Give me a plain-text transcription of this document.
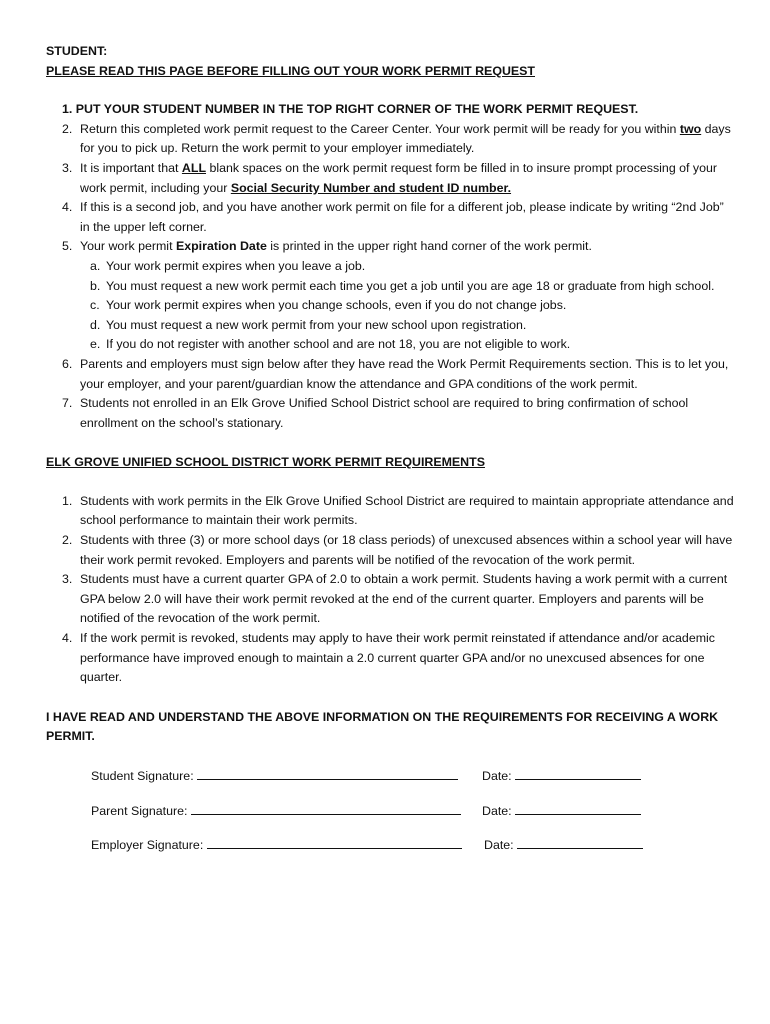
STUDENT:

PLEASE READ THIS PAGE BEFORE FILLING OUT YOUR WORK PERMIT REQUEST

1. PUT YOUR STUDENT NUMBER IN THE TOP RIGHT CORNER OF THE WORK PERMIT REQUEST.
2. Return this completed work permit request to the Career Center. Your work permit will be ready for you within two days for you to pick up. Return the work permit to your employer immediately.
3. It is important that ALL blank spaces on the work permit request form be filled in to insure prompt processing of your work permit, including your Social Security Number and student ID number.
4. If this is a second job, and you have another work permit on file for a different job, please indicate by writing “2nd Job” in the upper left corner.
5. Your work permit Expiration Date is printed in the upper right hand corner of the work permit.
a. Your work permit expires when you leave a job.
b. You must request a new work permit each time you get a job until you are age 18 or graduate from high school.
c. Your work permit expires when you change schools, even if you do not change jobs.
d. You must request a new work permit from your new school upon registration.
e. If you do not register with another school and are not 18, you are not eligible to work.
6. Parents and employers must sign below after they have read the Work Permit Requirements section. This is to let you, your employer, and your parent/guardian know the attendance and GPA conditions of the work permit.
7. Students not enrolled in an Elk Grove Unified School District school are required to bring confirmation of school enrollment on the school’s stationary.

ELK GROVE UNIFIED SCHOOL DISTRICT WORK PERMIT REQUIREMENTS

1. Students with work permits in the Elk Grove Unified School District are required to maintain appropriate attendance and school performance to maintain their work permits.
2. Students with three (3) or more school days (or 18 class periods) of unexcused absences within a school year will have their work permit revoked. Employers and parents will be notified of the revocation of the work permit.
3. Students must have a current quarter GPA of 2.0 to obtain a work permit. Students having a work permit with a current GPA below 2.0 will have their work permit revoked at the end of the current quarter. Employers and parents will be notified of the revocation of the work permit.
4. If the work permit is revoked, students may apply to have their work permit reinstated if attendance and/or academic performance have improved enough to maintain a 2.0 current quarter GPA and/or no unexcused absences for one quarter.

I HAVE READ AND UNDERSTAND THE ABOVE INFORMATION ON THE REQUIREMENTS FOR RECEIVING A WORK PERMIT.

Student Signature:	Date:
Parent Signature:	Date:
Employer Signature:	Date:
